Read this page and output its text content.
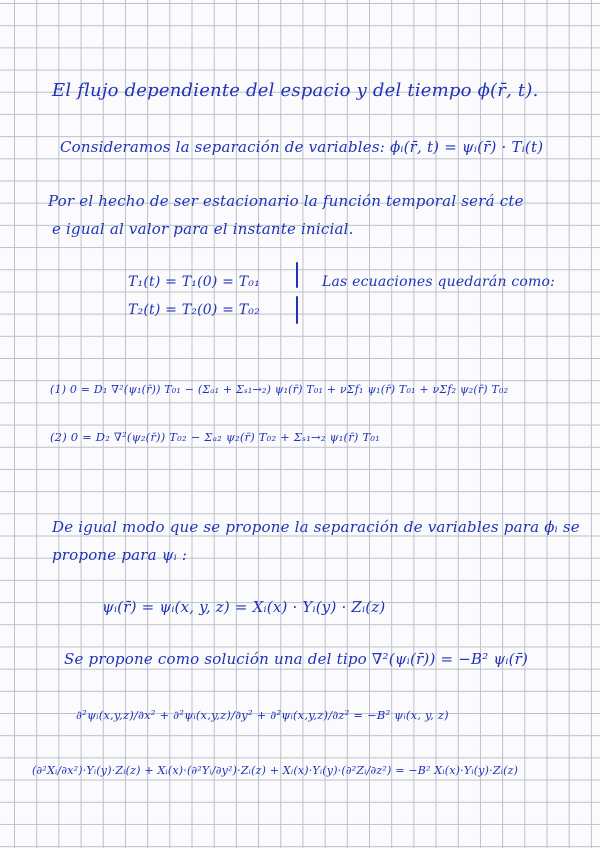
El flujo dependiente del espacio y del tiempo ϕ(r̄, t).

Consideramos la separación de variables: ϕᵢ(r̄, t) = ψᵢ(r̄) · Tᵢ(t)

Por el hecho de ser estacionario la función temporal será cte

e igual al valor para el instante inicial.

T₁(t) = T₁(0) = T₀₁

T₂(t) = T₂(0) = T₀₂

Las ecuaciones quedarán como:

(1) 0 = D₁ ∇²(ψ₁(r̄)) T₀₁ − (Σₐ₁ + Σₛ₁→₂) ψ₁(r̄) T₀₁ + νΣf₁ ψ₁(r̄) T₀₁ + νΣf₂ ψ₂(r̄) T₀₂

(2) 0 = D₂ ∇²(ψ₂(r̄)) T₀₂ − Σₐ₂ ψ₂(r̄) T₀₂ + Σₛ₁→₂ ψ₁(r̄) T₀₁

De igual modo que se propone la separación de variables para ϕᵢ se

propone para ψᵢ :

ψᵢ(r̄) = ψᵢ(x, y, z) = Xᵢ(x) · Yᵢ(y) · Zᵢ(z)

Se propone como solución una del tipo ∇²(ψᵢ(r̄)) = −B² ψᵢ(r̄)

∂²ψᵢ(x,y,z)/∂x² + ∂²ψᵢ(x,y,z)/∂y² + ∂²ψᵢ(x,y,z)/∂z² = −B² ψᵢ(x, y, z)

(∂²Xᵢ/∂x²)·Yᵢ(y)·Zᵢ(z) + Xᵢ(x)·(∂²Yᵢ/∂y²)·Zᵢ(z) + Xᵢ(x)·Yᵢ(y)·(∂²Zᵢ/∂z²) = −B² Xᵢ(x)·Yᵢ(y)·Zᵢ(z)
